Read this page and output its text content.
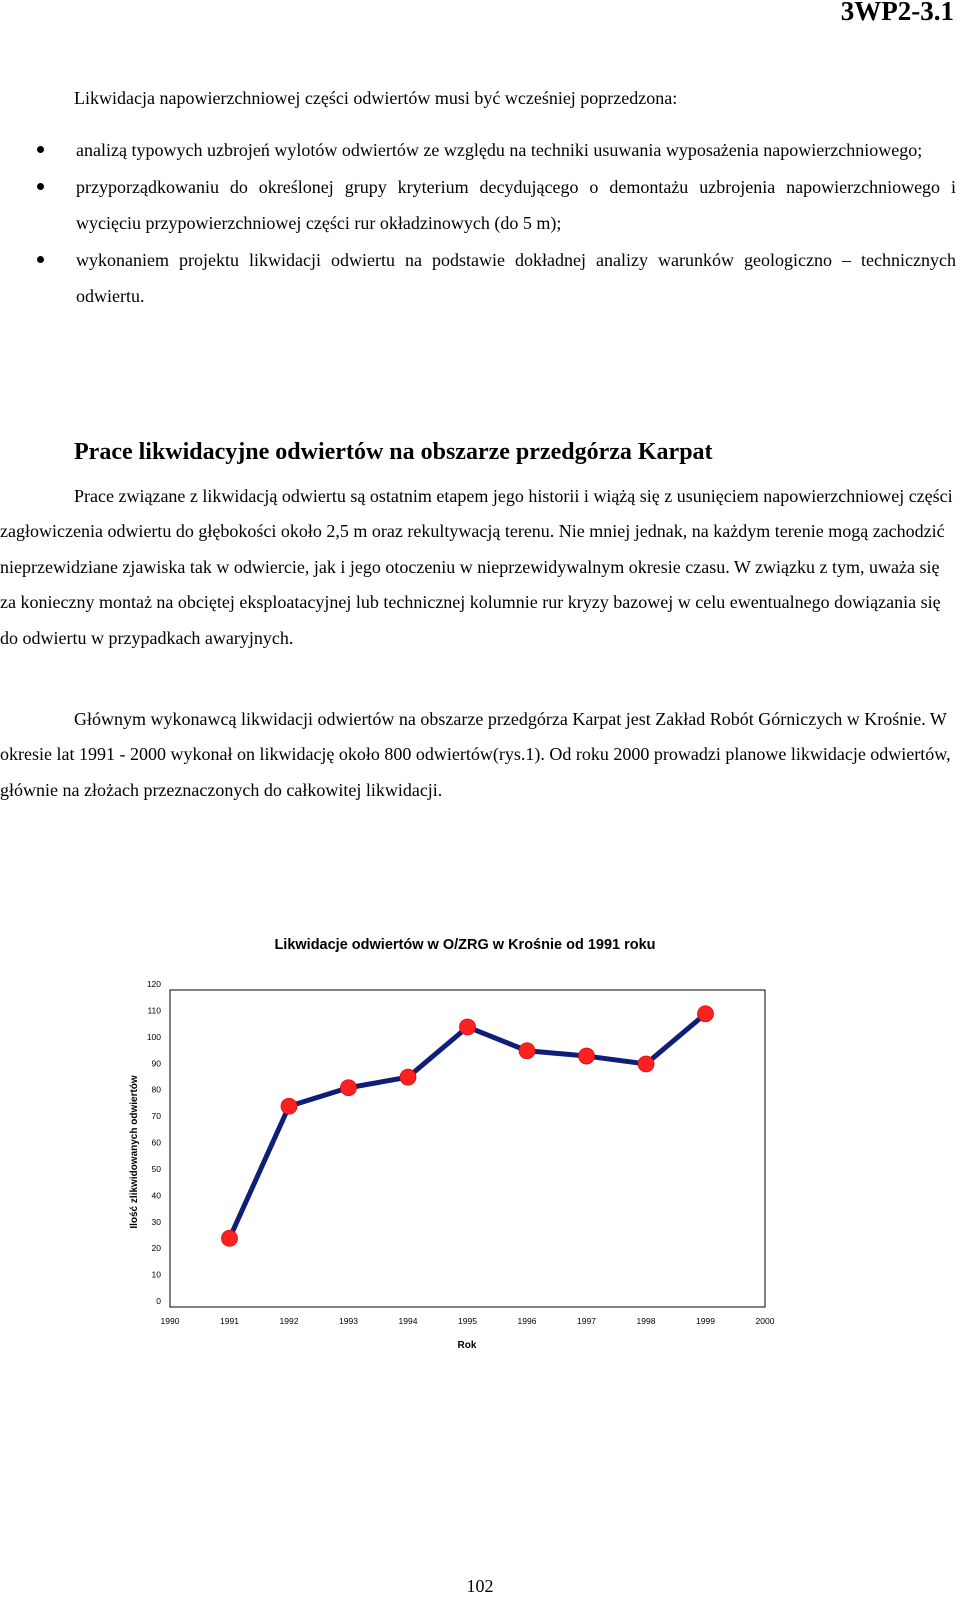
3WP2-3.1
Likwidacja napowierzchniowej części odwiertów musi być wcześniej poprzedzona:
analizą typowych uzbrojeń wylotów odwiertów ze względu na techniki usuwania wyposażenia napowierzchniowego;
przyporządkowaniu do określonej grupy kryterium decydującego o demontażu uzbrojenia napowierzchniowego i wycięciu przypowierzchniowej części rur okładzinowych (do 5 m);
wykonaniem projektu likwidacji odwiertu na podstawie dokładnej analizy warunków geologiczno – technicznych odwiertu.
Prace likwidacyjne odwiertów na obszarze przedgórza Karpat

Prace związane z likwidacją odwiertu są ostatnim etapem jego historii i wiążą się z usunięciem napowierzchniowej części zagłowiczenia odwiertu do głębokości około 2,5 m oraz rekultywacją terenu. Nie mniej jednak, na każdym terenie mogą zachodzić nieprzewidziane zjawiska tak w odwiercie, jak i jego otoczeniu w nieprzewidywalnym okresie czasu. W związku z tym, uważa się za konieczny montaż na obciętej eksploatacyjnej lub technicznej kolumnie rur kryzy bazowej w celu ewentualnego dowiązania się do odwiertu w przypadkach awaryjnych.

Głównym wykonawcą likwidacji odwiertów na obszarze przedgórza Karpat jest Zakład Robót Górniczych w Krośnie. W okresie lat 1991 - 2000 wykonał on likwidację około 800 odwiertów(rys.1). Od roku 2000 prowadzi planowe likwidacje odwiertów, głównie na złożach przeznaczonych do całkowitej likwidacji.

Likwidacje odwiertów w O/ZRG w Krośnie od 1991 roku
0
10
20
30
40
50
60
70
80
90
100
110
120
1990	1991	1992	1993	1994	1995	1996	1997	1998	1999	2000
Ilość zlikwidowanych odwiertów
Rok
102
